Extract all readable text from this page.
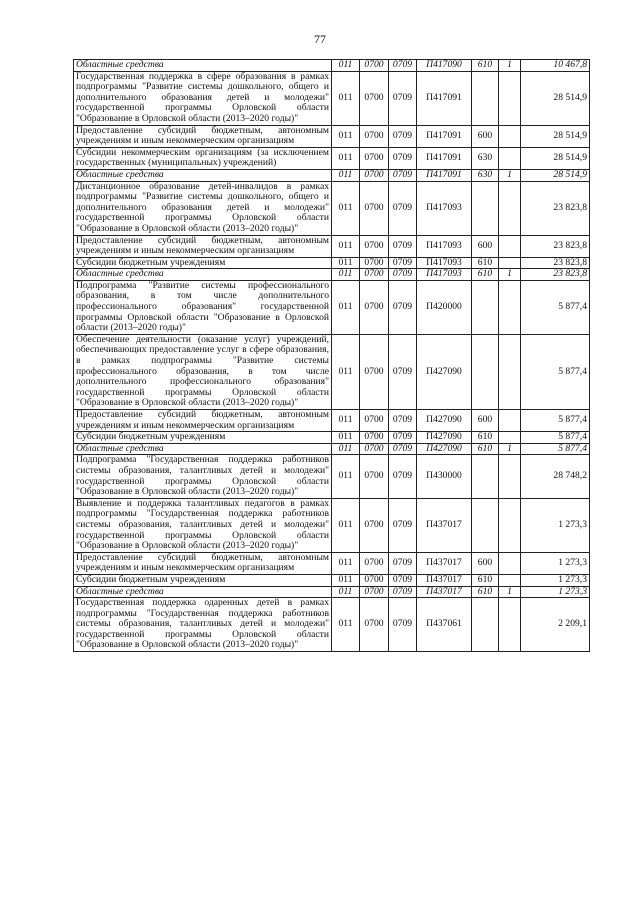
77
Областные средства	011	0700	0709	П417090	610	1	10 467,8
Государственная поддержка в сфере образования в рамках подпрограммы "Развитие системы дошкольного, общего и дополнительного образования детей и молодежи" государственной программы Орловской области "Образование в Орловской области (2013–2020 годы)"	011	0700	0709	П417091			28 514,9
Предоставление субсидий бюджетным, автономным учреждениям и иным некоммерческим организациям	011	0700	0709	П417091	600		28 514,9
Субсидии некоммерческим организациям (за исключением государственных (муниципальных) учреждений)	011	0700	0709	П417091	630		28 514,9
Областные средства	011	0700	0709	П417091	630	1	28 514,9
Дистанционное образование детей-инвалидов в рамках подпрограммы "Развитие системы дошкольного, общего и дополнительного образования детей и молодежи" государственной программы Орловской области "Образование в Орловской области (2013–2020 годы)"	011	0700	0709	П417093			23 823,8
Предоставление субсидий бюджетным, автономным учреждениям и иным некоммерческим организациям	011	0700	0709	П417093	600		23 823,8
Субсидии бюджетным учреждениям	011	0700	0709	П417093	610		23 823,8
Областные средства	011	0700	0709	П417093	610	1	23 823,8
Подпрограмма "Развитие системы профессионального образования, в том числе дополнительного профессионального образования" государственной программы Орловской области "Образование в Орловской области (2013–2020 годы)"	011	0700	0709	П420000			5 877,4
Обеспечение деятельности (оказание услуг) учреждений, обеспечивающих предоставление услуг в сфере образования, в рамках подпрограммы "Развитие системы профессионального образования, в том числе дополнительного профессионального образования" государственной программы Орловской области "Образование в Орловской области (2013–2020 годы)"	011	0700	0709	П427090			5 877,4
Предоставление субсидий бюджетным, автономным учреждениям и иным некоммерческим организациям	011	0700	0709	П427090	600		5 877,4
Субсидии бюджетным учреждениям	011	0700	0709	П427090	610		5 877,4
Областные средства	011	0700	0709	П427090	610	1	5 877,4
Подпрограмма "Государственная поддержка работников системы образования, талантливых детей и молодежи" государственной программы Орловской области "Образование в Орловской области (2013–2020 годы)"	011	0700	0709	П430000			28 748,2
Выявление и поддержка талантливых педагогов в рамках подпрограммы "Государственная поддержка работников системы образования, талантливых детей и молодежи" государственной программы Орловской области "Образование в Орловской области (2013–2020 годы)"	011	0700	0709	П437017			1 273,3
Предоставление субсидий бюджетным, автономным учреждениям и иным некоммерческим организациям	011	0700	0709	П437017	600		1 273,3
Субсидии бюджетным учреждениям	011	0700	0709	П437017	610		1 273,3
Областные средства	011	0700	0709	П437017	610	1	1 273,3
Государственная поддержка одаренных детей в рамках подпрограммы "Государственная поддержка работников системы образования, талантливых детей и молодежи" государственной программы Орловской области "Образование в Орловской области (2013–2020 годы)"	011	0700	0709	П437061			2 209,1
